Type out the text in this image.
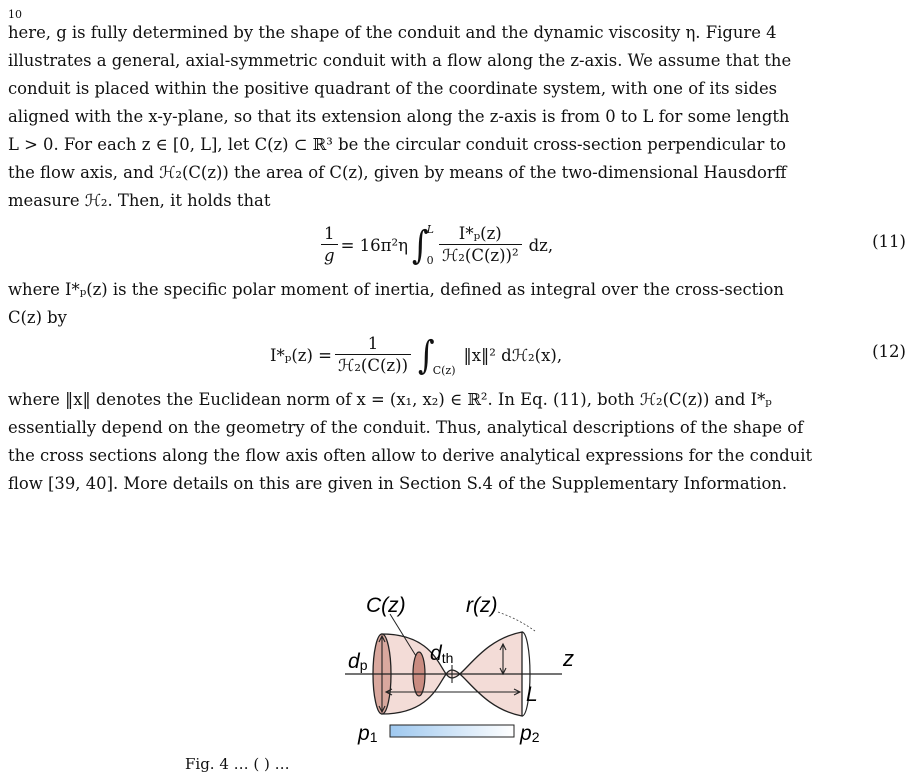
10
here, g is fully determined by the shape of the conduit and the dynamic viscosity η. Figure 4
illustrates a general, axial-symmetric conduit with a flow along the z-axis. We assume that the
conduit is placed within the positive quadrant of the coordinate system, with one of its sides
aligned with the x-y-plane, so that its extension along the z-axis is from 0 to L for some length
L > 0. For each z ∈ [0, L], let C(z) ⊂ ℝ³ be the circular conduit cross-section perpendicular to
the flow axis, and ℋ₂(C(z)) the area of C(z), given by means of the two-dimensional Hausdorff
measure ℋ₂. Then, it holds that
$\frac{1}{g} = 16\pi^2\eta$ ∫
L
$0 \frac{\text{I*ₚ(z)}}{\text{ℋ₂(C(z))²}}$ dz,	(11)
where I*ₚ(z) is the specific polar moment of inertia, defined as integral over the cross-section
C(z) by
$I*_p(z) = \frac{1}{\text{ℋ₂(C(z))}}$ ∫
C(z)
‖x‖² dℋ₂(x),	(12)
where ‖x‖ denotes the Euclidean norm of x = (x₁, x₂) ∈ ℝ². In Eq. (11), both ℋ₂(C(z)) and I*ₚ
essentially depend on the geometry of the conduit. Thus, analytical descriptions of the shape of
the cross sections along the flow axis often allow to derive analytical expressions for the conduit
flow [39, 40]. More details on this are given in Section S.4 of the Supplementary Information.
C(z)	r(z)
dp	dth	z
L
p1	p2
Fig. 4 … ( ) …
